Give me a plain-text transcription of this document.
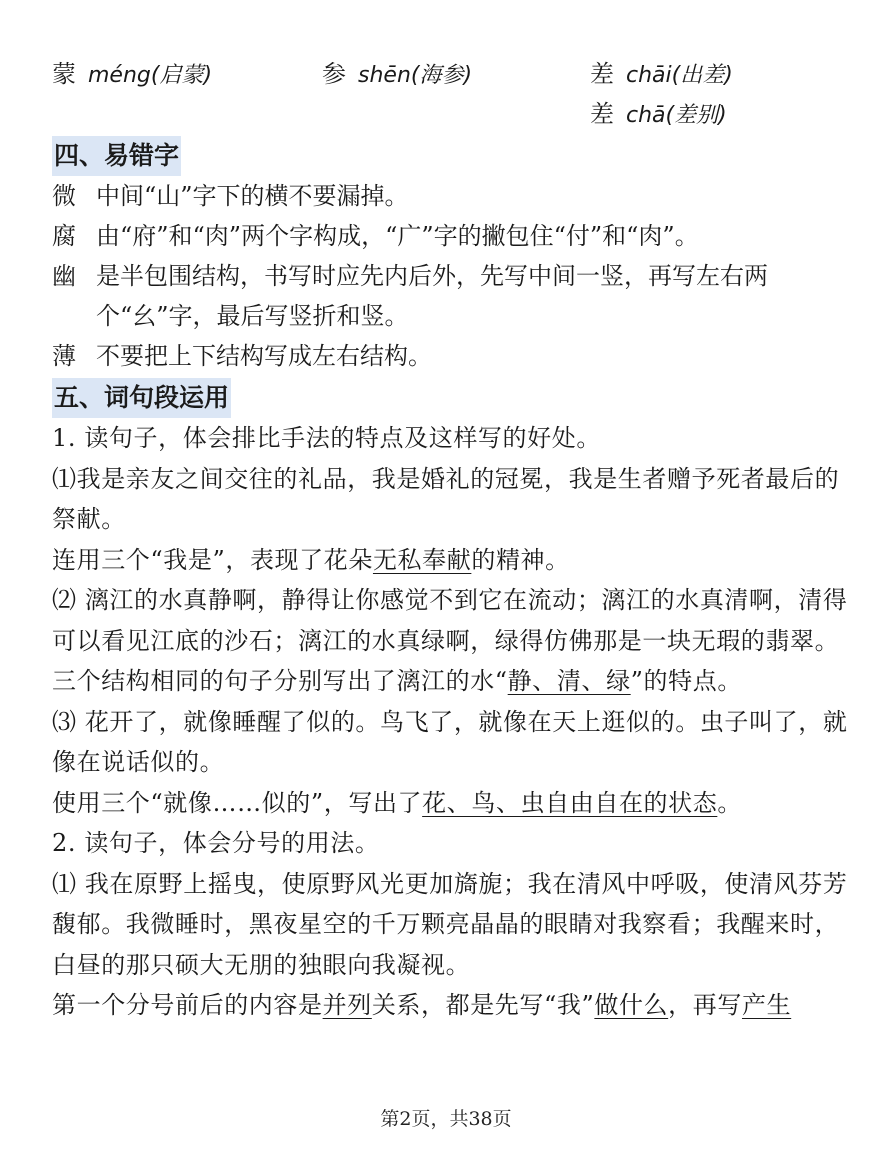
蒙 méng(启蒙)	参 shēn(海参)	差 chāi(出差)
差 chā(差别)
四、易错字
微 中间“山”字下的横不要漏掉。
腐 由“府”和“肉”两个字构成，“广”字的撇包住“付”和“肉”。
幽 是半包围结构，书写时应先内后外，先写中间一竖，再写左右两个“幺”字，最后写竖折和竖。
薄 不要把上下结构写成左右结构。
五、词句段运用

1. 读句子，体会排比手法的特点及这样写的好处。

⑴我是亲友之间交往的礼品，我是婚礼的冠冕，我是生者赠予死者最后的祭献。

连用三个“我是”，表现了花朵无私奉献的精神。

⑵ 漓江的水真静啊，静得让你感觉不到它在流动；漓江的水真清啊，清得可以看见江底的沙石；漓江的水真绿啊，绿得仿佛那是一块无瑕的翡翠。

三个结构相同的句子分别写出了漓江的水“静、清、绿”的特点。

⑶ 花开了，就像睡醒了似的。鸟飞了，就像在天上逛似的。虫子叫了，就像在说话似的。

使用三个“就像……似的”，写出了花、鸟、虫自由自在的状态。

2. 读句子，体会分号的用法。

⑴ 我在原野上摇曳，使原野风光更加旖旎；我在清风中呼吸，使清风芬芳馥郁。我微睡时，黑夜星空的千万颗亮晶晶的眼睛对我察看；我醒来时，白昼的那只硕大无朋的独眼向我凝视。

第一个分号前后的内容是并列关系，都是先写“我”做什么，再写产生

第2页，共38页
